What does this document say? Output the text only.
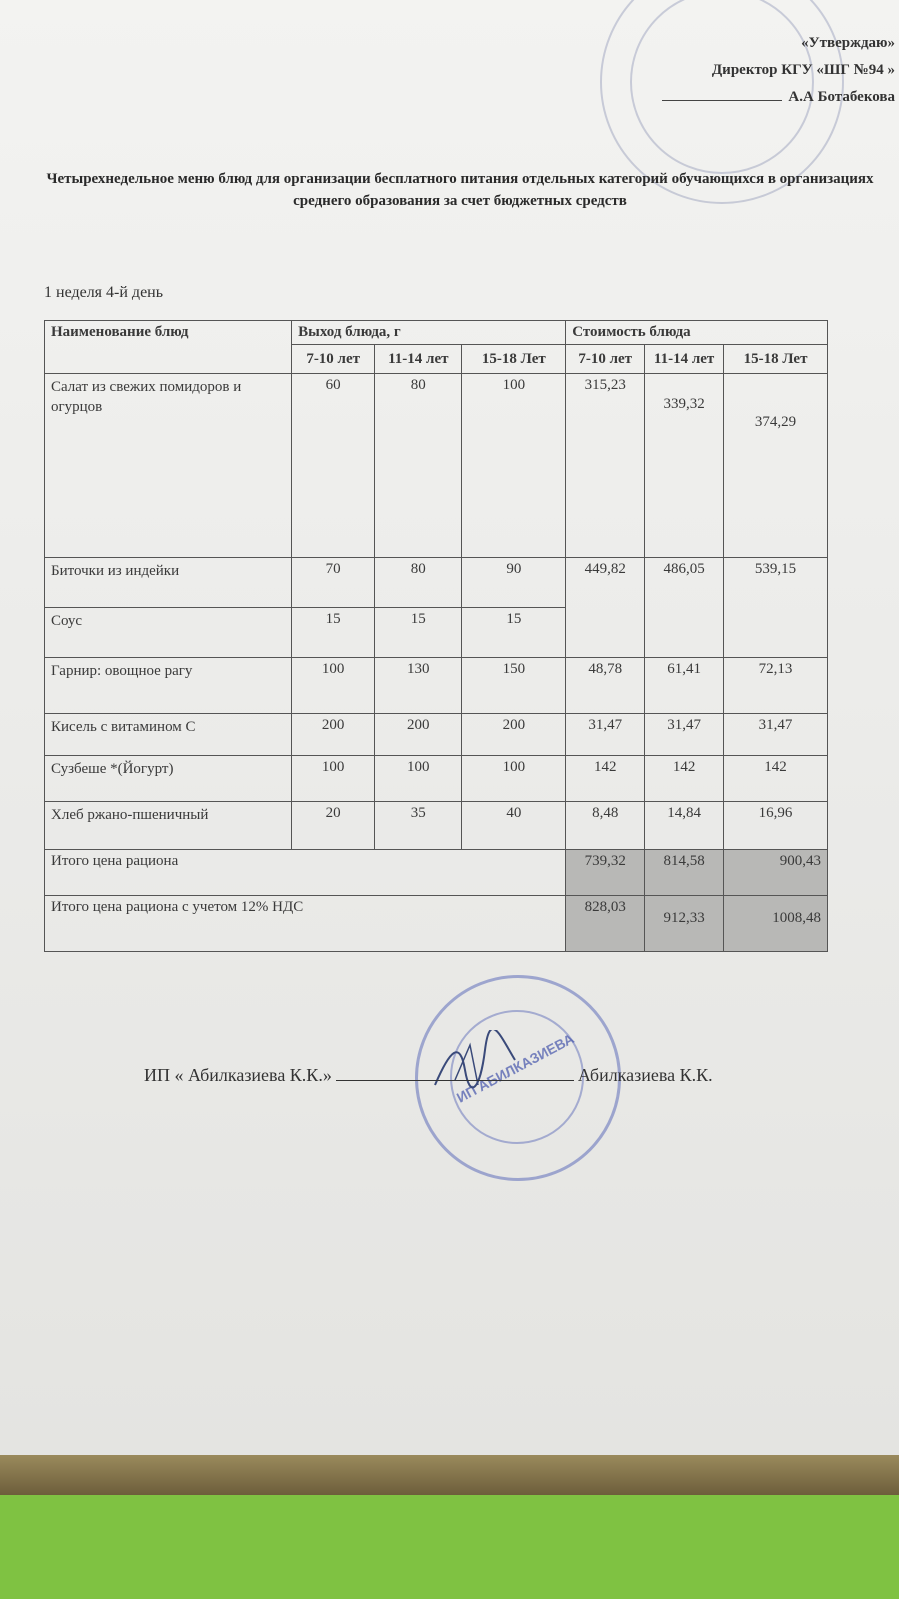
«Утверждаю»
Директор КГУ «ШГ №94 »
А.А Ботабекова
Четырехнедельное меню блюд для организации бесплатного питания отдельных категорий обучающихся в организациях среднего образования за счет бюджетных средств
1 неделя 4-й день
Наименование блюд	Выход блюда, г			Стоимость блюда		
	7-10 лет	11-14 лет	15-18 Лет	7-10 лет	11-14 лет	15-18 Лет
Салат из свежих помидоров и огурцов	60	80	100	315,23	339,32	374,29
Биточки из индейки	70	80	90	449,82	486,05	539,15
Соус	15	15	15			
Гарнир: овощное рагу	100	130	150	48,78	61,41	72,13
Кисель с витамином С	200	200	200	31,47	31,47	31,47
Сузбеше *(Йогурт)	100	100	100	142	142	142
Хлеб ржано-пшеничный	20	35	40	8,48	14,84	16,96
Итого цена рациона				739,32	814,58	900,43
Итого цена рациона с учетом 12% НДС				828,03	912,33	1008,48
ИП АБИЛКАЗИЕВА
ИП « Абилказиева К.К.»	Абилказиева К.К.
